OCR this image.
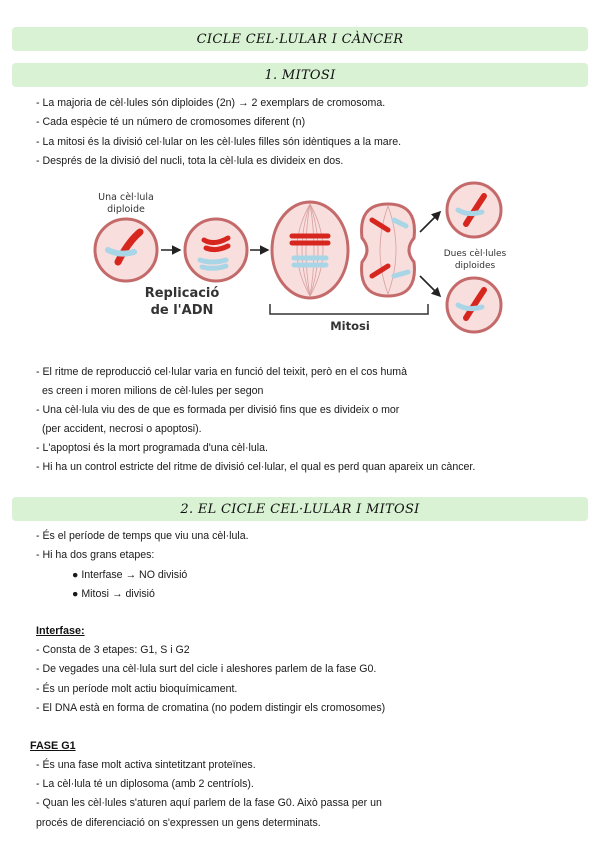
CICLE CEL·LULAR I CÀNCER
1. MITOSI
- La majoria de cèl·lules són diploides (2n) → 2 exemplars de cromosoma.
- Cada espècie té un número de cromosomes diferent (n)
- La mitosi és la divisió cel·lular on les cèl·lules filles són idèntiques a la mare.
- Després de la divisió del nucli, tota la cèl·lula es divideix en dos.
Una cèl·lula
diploide
Replicació
de l'ADN
Mitosi
Dues cèl·lules
diploides
- El ritme de reproducció cel·lular varia en funció del teixit, però en el cos humà
es creen i moren milions de cèl·lules per segon
- Una cèl·lula viu des de que es formada per divisió fins que es divideix o mor
(per accident, necrosi o apoptosi).
- L'apoptosi és la mort programada d'una cèl·lula.
- Hi ha un control estricte del ritme de divisió cel·lular, el qual es perd quan apareix un càncer.
2. EL CICLE CEL·LULAR I MITOSI
- És el període de temps que viu una cèl·lula.
- Hi ha dos grans etapes:
● Interfase → NO divisió
● Mitosi → divisió
Interfase:
- Consta de 3 etapes: G1, S i G2
- De vegades una cèl·lula surt del cicle i aleshores parlem de la fase G0.
- És un període molt actiu bioquímicament.
- El DNA està en forma de cromatina (no podem distingir els cromosomes)
FASE G1
- És una fase molt activa sintetitzant proteïnes.
- La cèl·lula té un diplosoma (amb 2 centríols).
- Quan les cèl·lules s'aturen aquí parlem de la fase G0. Això passa per un
procés de diferenciació on s'expressen un gens determinats.
